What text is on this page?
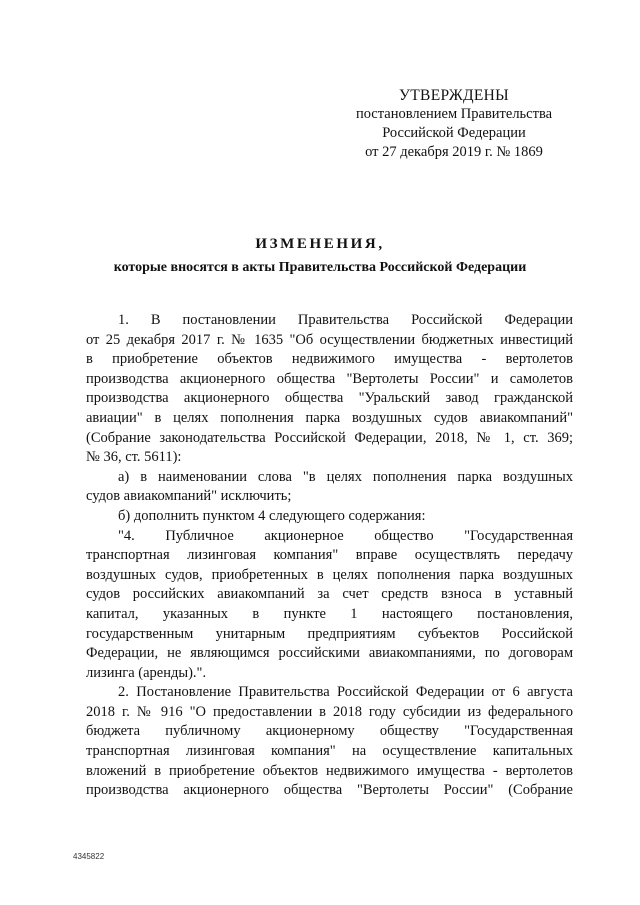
УТВЕРЖДЕНЫ
постановлением Правительства
Российской Федерации
от 27 декабря 2019 г. № 1869
ИЗМЕНЕНИЯ,
которые вносятся в акты Правительства Российской Федерации
1. В постановлении Правительства Российской Федерации
от 25 декабря 2017 г. № 1635 "Об осуществлении бюджетных инвестиций
в приобретение объектов недвижимого имущества - вертолетов
производства акционерного общества "Вертолеты России" и самолетов
производства акционерного общества "Уральский завод гражданской
авиации" в целях пополнения парка воздушных судов авиакомпаний"
(Собрание законодательства Российской Федерации, 2018, № 1, ст. 369;
№ 36, ст. 5611):
а) в наименовании слова "в целях пополнения парка воздушных
судов авиакомпаний" исключить;
б) дополнить пунктом 4 следующего содержания:
"4. Публичное акционерное общество "Государственная
транспортная лизинговая компания" вправе осуществлять передачу
воздушных судов, приобретенных в целях пополнения парка воздушных
судов российских авиакомпаний за счет средств взноса в уставный
капитал, указанных в пункте 1 настоящего постановления,
государственным унитарным предприятиям субъектов Российской
Федерации, не являющимся российскими авиакомпаниями, по договорам
лизинга (аренды).".
2. Постановление Правительства Российской Федерации от 6 августа
2018 г. № 916 "О предоставлении в 2018 году субсидии из федерального
бюджета публичному акционерному обществу "Государственная
транспортная лизинговая компания" на осуществление капитальных
вложений в приобретение объектов недвижимого имущества - вертолетов
производства акционерного общества "Вертолеты России" (Собрание
4345822
